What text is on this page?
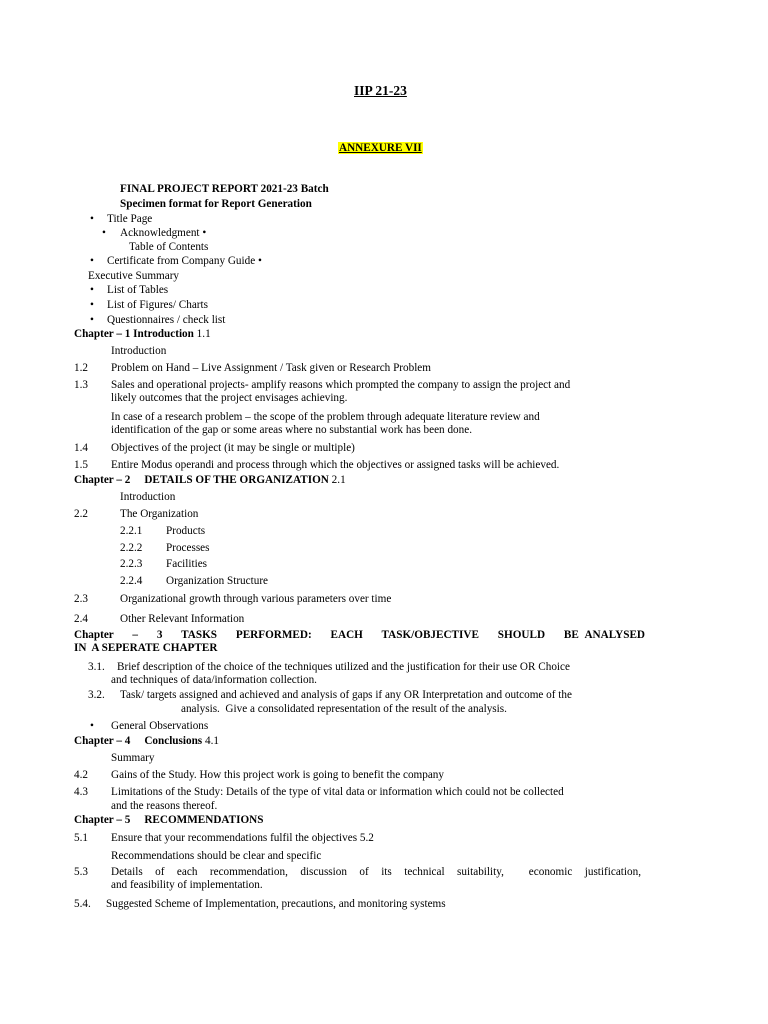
IIP 21-23
ANNEXURE VII
FINAL PROJECT REPORT 2021-23 Batch
Specimen format for Report Generation
• Title Page
• Acknowledgment •
Table of Contents
• Certificate from Company Guide •
Executive Summary
• List of Tables
• List of Figures/ Charts
• Questionnaires / check list
Chapter – 1 Introduction 1.1
Introduction
1.2 Problem on Hand – Live Assignment / Task given or Research Problem
1.3 Sales and operational projects- amplify reasons which prompted the company to assign the project and
likely outcomes that the project envisages achieving.
In case of a research problem – the scope of the problem through adequate literature review and
identification of the gap or some areas where no substantial work has been done.
1.4 Objectives of the project (it may be single or multiple)
1.5 Entire Modus operandi and process through which the objectives or assigned tasks will be achieved.
Chapter – 2     DETAILS OF THE ORGANIZATION 2.1
Introduction
2.2	The Organization
2.2.1 Products
2.2.2 Processes
2.2.3 Facilities
2.2.4 Organization Structure
2.3	Organizational growth through various parameters over time
2.4	Other Relevant Information
Chapter   –   3   TASKS   PERFORMED:   EACH   TASK/OBJECTIVE   SHOULD   BE ANALYSED
IN  A SEPERATE CHAPTER
3.1. Brief description of the choice of the techniques utilized and the justification for their use OR Choice
and techniques of data/information collection.
3.2. Task/ targets assigned and achieved and analysis of gaps if any OR Interpretation and outcome of the
analysis.  Give a consolidated representation of the result of the analysis.
• General Observations
Chapter – 4     Conclusions 4.1
Summary
4.2 Gains of the Study. How this project work is going to benefit the company
4.3 Limitations of the Study: Details of the type of vital data or information which could not be collected
and the reasons thereof.
Chapter – 5     RECOMMENDATIONS
5.1 Ensure that your recommendations fulfil the objectives 5.2
Recommendations should be clear and specific
5.3 Details of each recommendation, discussion of its technical suitability,  economic justification,
and feasibility of implementation.
5.4. Suggested Scheme of Implementation, precautions, and monitoring systems
